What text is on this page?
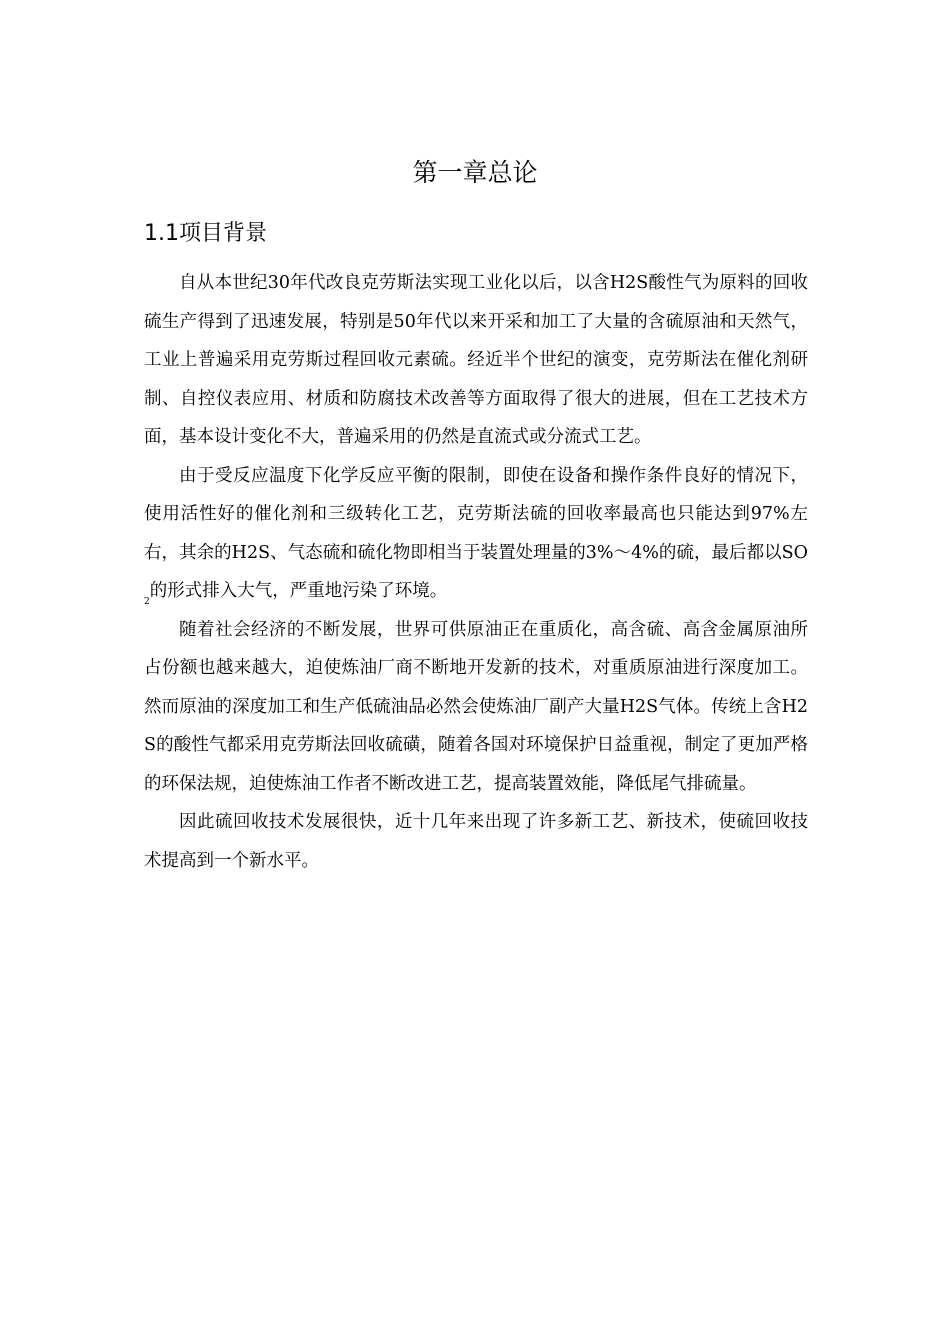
第一章总论
1.1项目背景

自从本世纪30年代改良克劳斯法实现工业化以后，以含H2S酸性气为原料的回收硫生产得到了迅速发展，特别是50年代以来开采和加工了大量的含硫原油和天然气，工业上普遍采用克劳斯过程回收元素硫。经近半个世纪的演变，克劳斯法在催化剂研制、自控仪表应用、材质和防腐技术改善等方面取得了很大的进展，但在工艺技术方面，基本设计变化不大，普遍采用的仍然是直流式或分流式工艺。

由于受反应温度下化学反应平衡的限制，即使在设备和操作条件良好的情况下，使用活性好的催化剂和三级转化工艺，克劳斯法硫的回收率最高也只能达到97%左右，其余的H2S、气态硫和硫化物即相当于装置处理量的3%～4%的硫，最后都以$SO_2$的形式排入大气，严重地污染了环境。

随着社会经济的不断发展，世界可供原油正在重质化，高含硫、高含金属原油所占份额也越来越大，迫使炼油厂商不断地开发新的技术，对重质原油进行深度加工。然而原油的深度加工和生产低硫油品必然会使炼油厂副产大量H2S气体。传统上含H2S的酸性气都采用克劳斯法回收硫磺，随着各国对环境保护日益重视，制定了更加严格的环保法规，迫使炼油工作者不断改进工艺，提高装置效能，降低尾气排硫量。

因此硫回收技术发展很快，近十几年来出现了许多新工艺、新技术，使硫回收技术提高到一个新水平。
